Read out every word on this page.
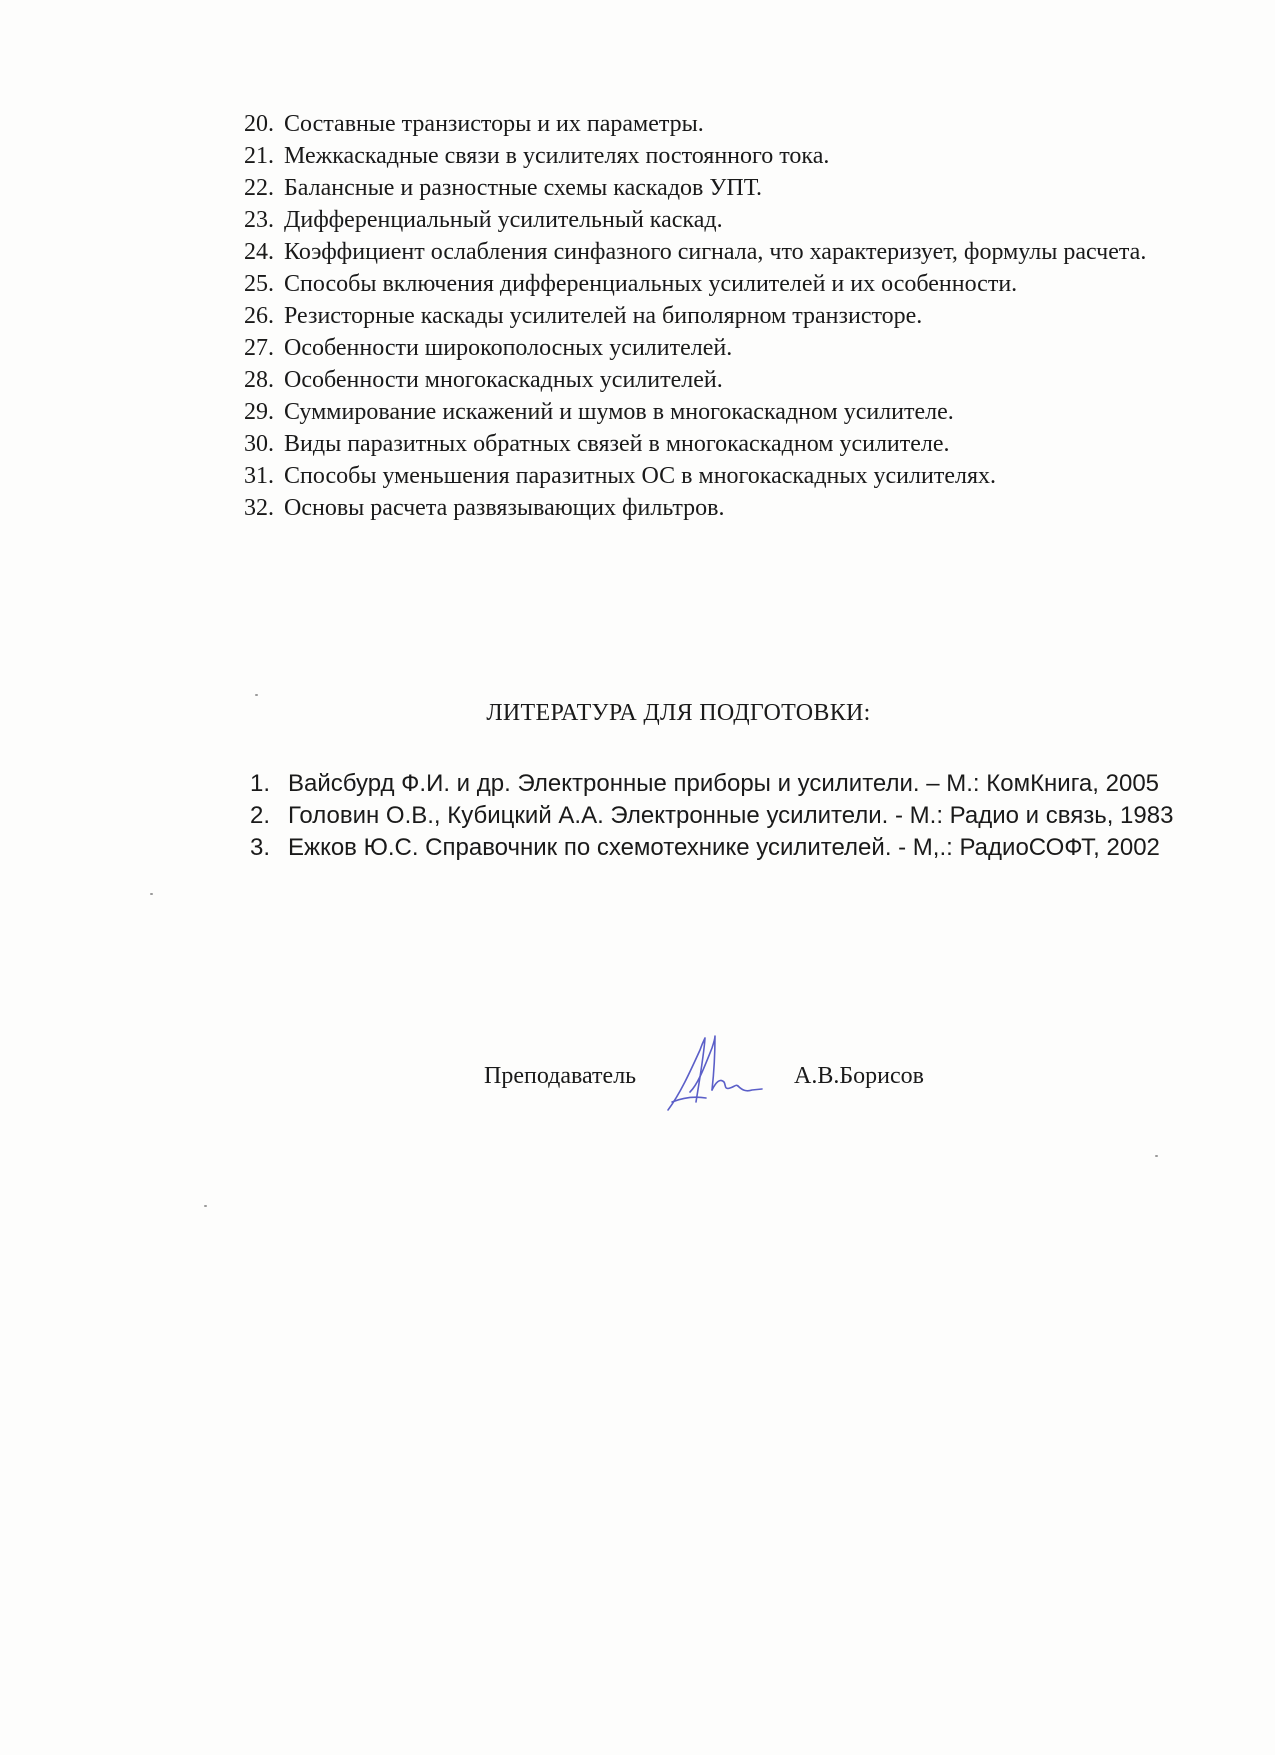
20. Составные транзисторы и их параметры.
21. Межкаскадные связи в усилителях постоянного тока.
22. Балансные и разностные схемы каскадов УПТ.
23. Дифференциальный усилительный каскад.
24. Коэффициент ослабления синфазного сигнала, что характеризует, формулы расчета.
25. Способы включения дифференциальных усилителей и их особенности.
26. Резисторные каскады усилителей на биполярном транзисторе.
27. Особенности широкополосных усилителей.
28. Особенности многокаскадных усилителей.
29. Суммирование искажений и шумов в многокаскадном усилителе.
30. Виды паразитных обратных связей в многокаскадном усилителе.
31. Способы уменьшения паразитных ОС в многокаскадных усилителях.
32. Основы расчета развязывающих фильтров.
ЛИТЕРАТУРА ДЛЯ ПОДГОТОВКИ:
1. Вайсбурд Ф.И. и др. Электронные приборы и усилители. – М.: КомКнига, 2005
2. Головин О.В., Кубицкий А.А. Электронные усилители. - М.: Радио и связь, 1983
3. Ежков Ю.С. Справочник по схемотехнике усилителей. - М,.: РадиоСОФТ, 2002
Преподаватель	А.В.Борисов
